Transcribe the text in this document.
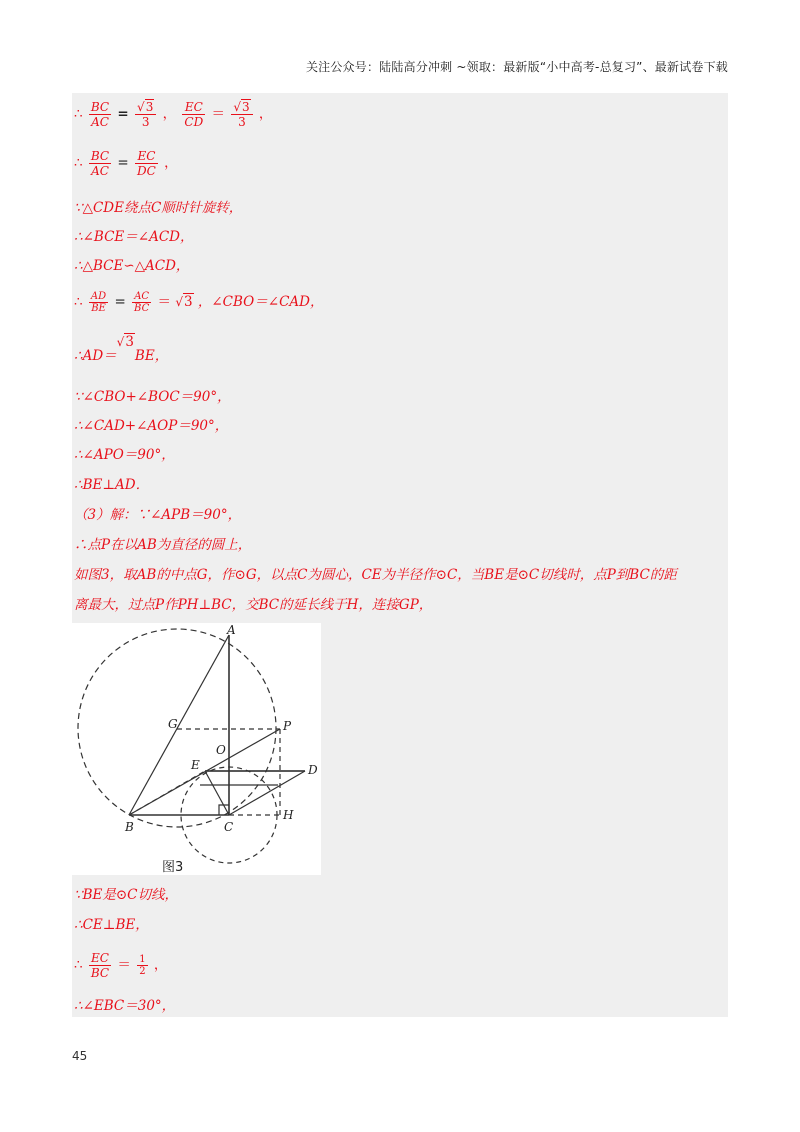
关注公众号：陆陆高分冲刺 ~领取：最新版“小中高考-总复习”、最新试卷下载
∴ $\frac{BC}{AC} = \frac{√3}{3}$ ， $\frac{EC}{CD} = \frac{√3}{3}$ ，
∴ $\frac{BC}{AC} = \frac{EC}{DC}$ ，
∵△CDE绕点C顺时针旋转，
∴∠BCE＝∠ACD，
∴△BCE∽△ACD，
∴ $\frac{AD}{BE} = \frac{AC}{BC} = √3$ ，∠CBO＝∠CAD，
∴AD＝√3BE，
∵∠CBO+∠BOC＝90°，
∴∠CAD+∠AOP＝90°，
∴∠APO＝90°，
∴BE⊥AD．
（3）解：∵∠APB＝90°，
∴点P在以AB为直径的圆上，
如图3，取AB的中点G，作⊙G，以点C为圆心，CE为半径作⊙C，当BE是⊙C切线时，点P到BC的距
离最大，过点P作PH⊥BC，交BC的延长线于H，连接GP，
A
B	C
D
E
G
H
O
P
图3
∵BE是⊙C切线，
∴CE⊥BE，
∴ $\frac{EC}{BC} = \frac{1}{2}$ ，
∴∠EBC＝30°，
45
